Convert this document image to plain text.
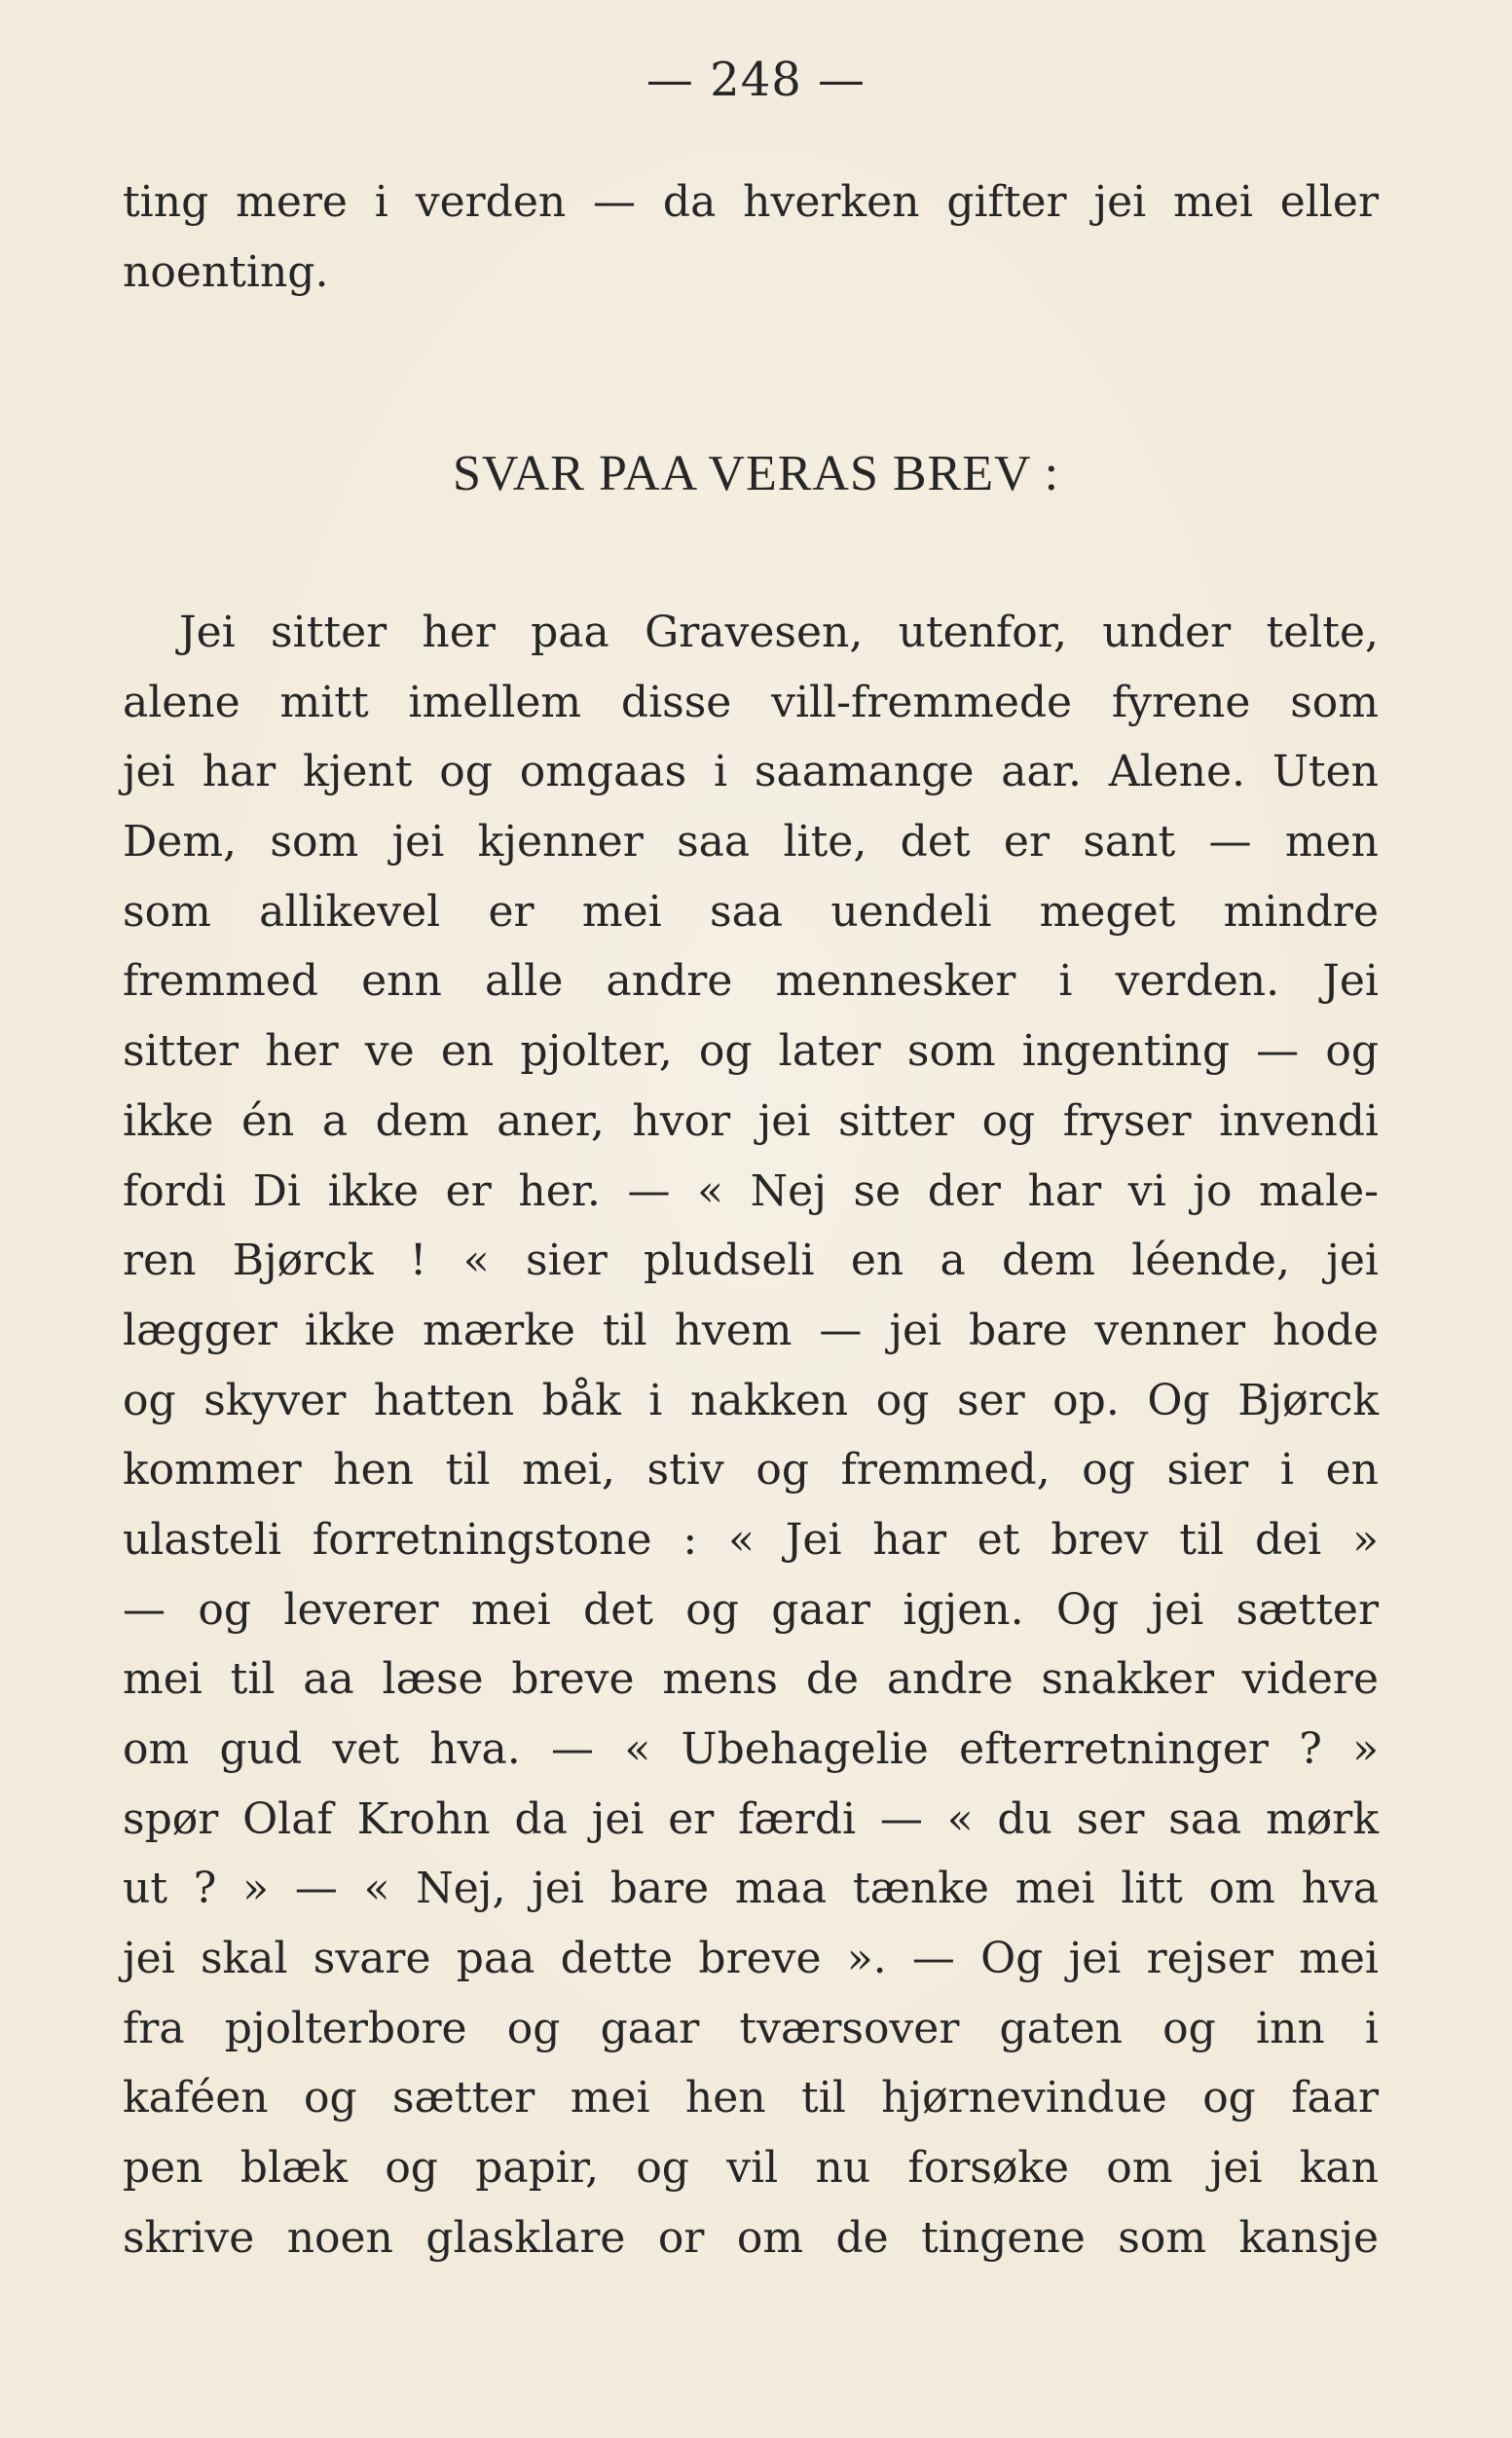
— 248 —
ting mere i verden — da hverken gifter jei mei eller
noenting.
SVAR PAA VERAS BREV :
Jei sitter her paa Gravesen, utenfor, under telte,
alene mitt imellem disse vill-fremmede fyrene som
jei har kjent og omgaas i saamange aar. Alene. Uten
Dem, som jei kjenner saa lite, det er sant — men
som allikevel er mei saa uendeli meget mindre
fremmed enn alle andre mennesker i verden. Jei
sitter her ve en pjolter, og later som ingenting — og
ikke én a dem aner, hvor jei sitter og fryser invendi
fordi Di ikke er her. — « Nej se der har vi jo male-
ren Bjørck ! « sier pludseli en a dem léende, jei
lægger ikke mærke til hvem — jei bare venner hode
og skyver hatten båk i nakken og ser op. Og Bjørck
kommer hen til mei, stiv og fremmed, og sier i en
ulasteli forretningstone : « Jei har et brev til dei »
— og leverer mei det og gaar igjen. Og jei sætter
mei til aa læse breve mens de andre snakker videre
om gud vet hva. — « Ubehagelie efterretninger ? »
spør Olaf Krohn da jei er færdi — « du ser saa mørk
ut ? » — « Nej, jei bare maa tænke mei litt om hva
jei skal svare paa dette breve ». — Og jei rejser mei
fra pjolterbore og gaar tværsover gaten og inn i
kaféen og sætter mei hen til hjørnevindue og faar
pen blæk og papir, og vil nu forsøke om jei kan
skrive noen glasklare or om de tingene som kansje
